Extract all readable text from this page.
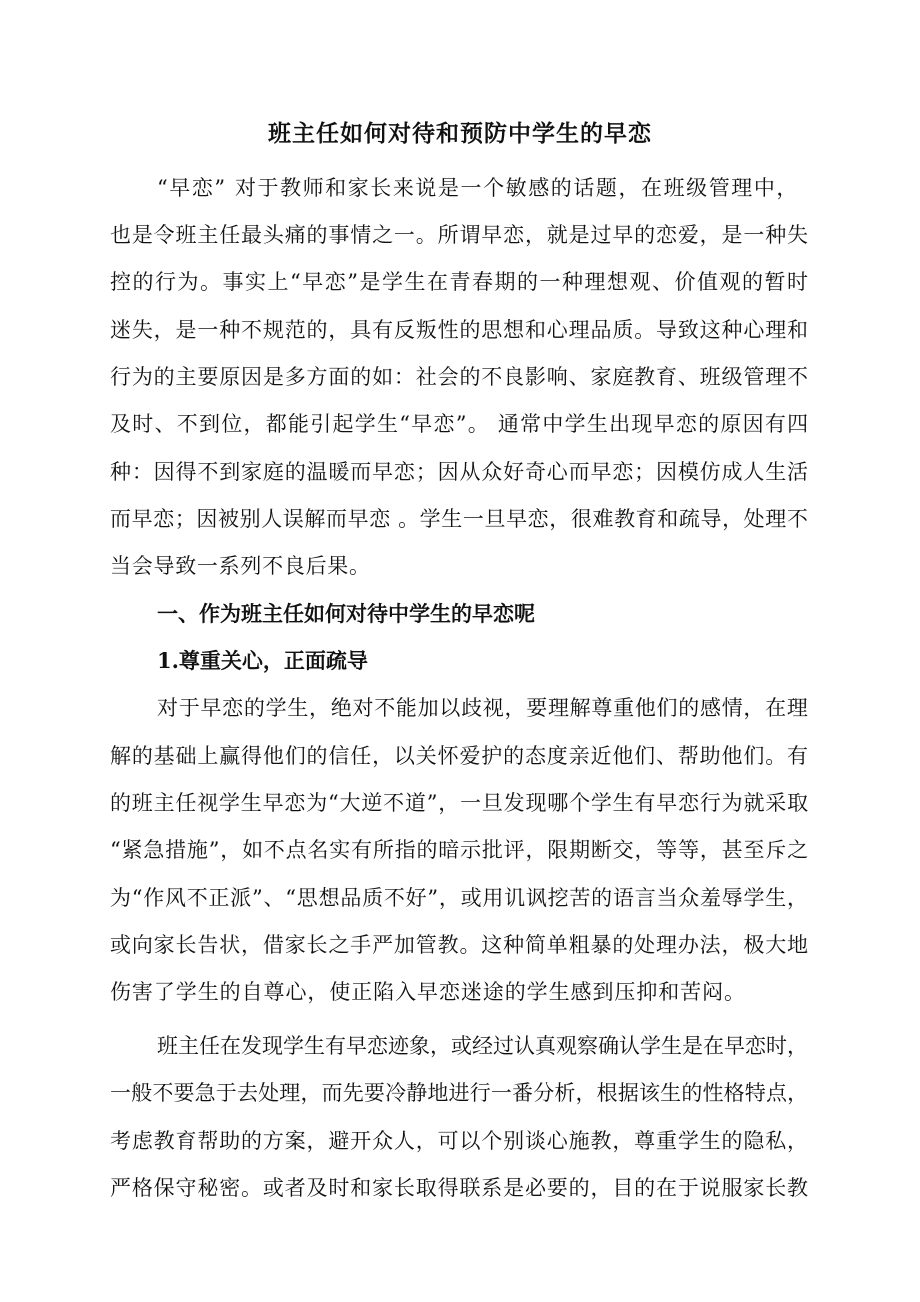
班主任如何对待和预防中学生的早恋
“早恋” 对于教师和家长来说是一个敏感的话题，在班级管理中，
也是令班主任最头痛的事情之一。所谓早恋，就是过早的恋爱，是一种失
控的行为。事实上“早恋”是学生在青春期的一种理想观、价值观的暂时
迷失，是一种不规范的，具有反叛性的思想和心理品质。导致这种心理和
行为的主要原因是多方面的如：社会的不良影响、家庭教育、班级管理不
及时、不到位，都能引起学生“早恋”。 通常中学生出现早恋的原因有四
种：因得不到家庭的温暖而早恋；因从众好奇心而早恋；因模仿成人生活
而早恋；因被别人误解而早恋 。学生一旦早恋，很难教育和疏导，处理不
当会导致一系列不良后果。
一、作为班主任如何对待中学生的早恋呢
1.尊重关心，正面疏导
对于早恋的学生，绝对不能加以歧视，要理解尊重他们的感情，在理
解的基础上赢得他们的信任，以关怀爱护的态度亲近他们、帮助他们。有
的班主任视学生早恋为“大逆不道”，一旦发现哪个学生有早恋行为就采取
“紧急措施”，如不点名实有所指的暗示批评，限期断交，等等，甚至斥之
为“作风不正派”、“思想品质不好”，或用讥讽挖苦的语言当众羞辱学生，
或向家长告状，借家长之手严加管教。这种简单粗暴的处理办法，极大地
伤害了学生的自尊心，使正陷入早恋迷途的学生感到压抑和苦闷。
班主任在发现学生有早恋迹象，或经过认真观察确认学生是在早恋时，
一般不要急于去处理，而先要冷静地进行一番分析，根据该生的性格特点，
考虑教育帮助的方案，避开众人，可以个别谈心施教，尊重学生的隐私，
严格保守秘密。或者及时和家长取得联系是必要的，目的在于说服家长教
